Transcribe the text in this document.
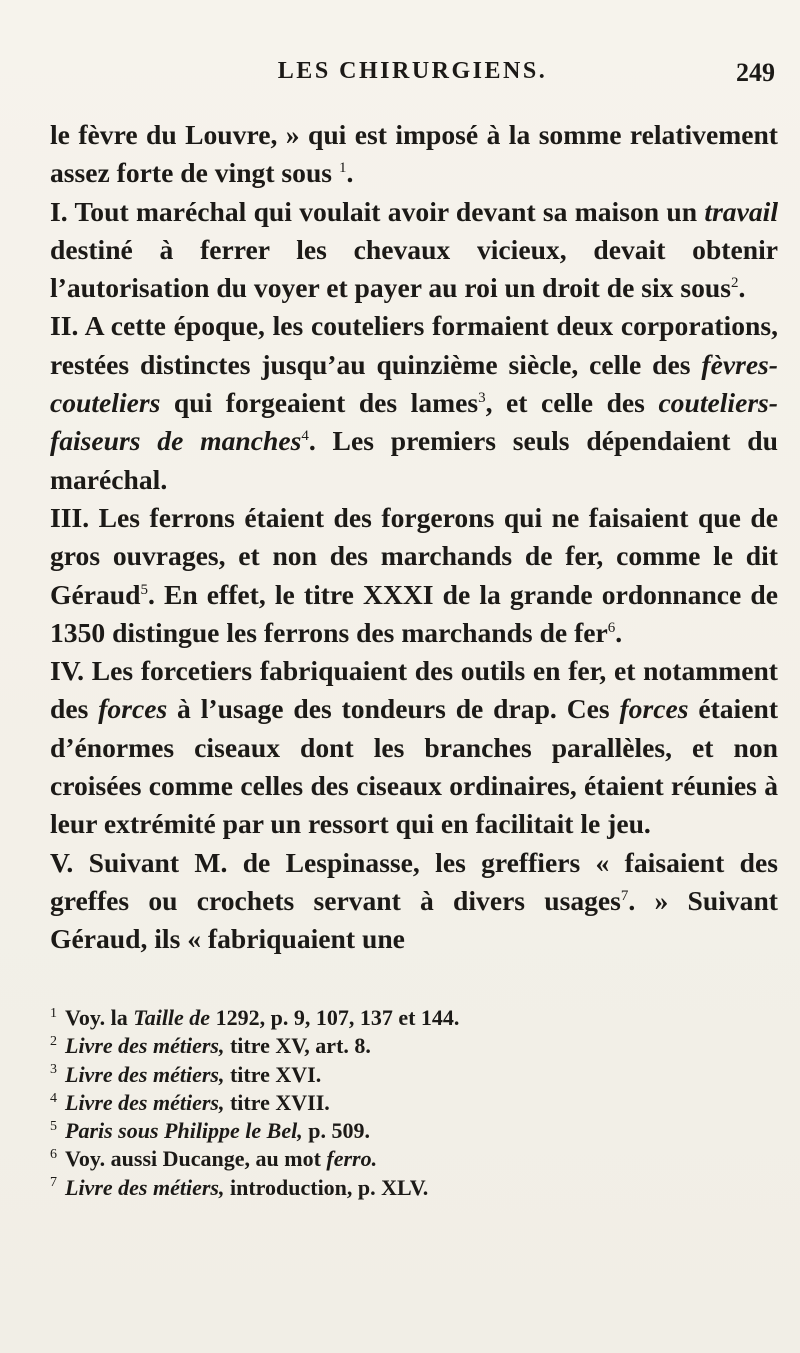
LES CHIRURGIENS.	249

le fèvre du Louvre, » qui est imposé à la somme relativement assez forte de vingt sous $^1$.

I. Tout maréchal qui voulait avoir devant sa maison un travail destiné à ferrer les chevaux vicieux, devait obtenir l’autorisation du voyer et payer au roi un droit de six sous$^2$.

II. A cette époque, les couteliers formaient deux corporations, restées distinctes jusqu’au quinzième siècle, celle des fèvres-couteliers qui forgeaient des lames$^3$, et celle des couteliers-faiseurs de manches$^4$. Les premiers seuls dépendaient du maréchal.

III. Les ferrons étaient des forgerons qui ne faisaient que de gros ouvrages, et non des marchands de fer, comme le dit Géraud$^5$. En effet, le titre XXXI de la grande ordonnance de 1350 distingue les ferrons des marchands de fer$^6$.

IV. Les forcetiers fabriquaient des outils en fer, et notamment des forces à l’usage des tondeurs de drap. Ces forces étaient d’énormes ciseaux dont les branches parallèles, et non croisées comme celles des ciseaux ordinaires, étaient réunies à leur extrémité par un ressort qui en facilitait le jeu.

V. Suivant M. de Lespinasse, les greffiers « faisaient des greffes ou crochets servant à divers usages$^7$. » Suivant Géraud, ils « fabriquaient une

$^1$ Voy. la Taille de 1292, p. 9, 107, 137 et 144.
$^2$ Livre des métiers, titre XV, art. 8.
$^3$ Livre des métiers, titre XVI.
$^4$ Livre des métiers, titre XVII.
$^5$ Paris sous Philippe le Bel, p. 509.
$^6$ Voy. aussi Ducange, au mot ferro.
$^7$ Livre des métiers, introduction, p. XLV.
